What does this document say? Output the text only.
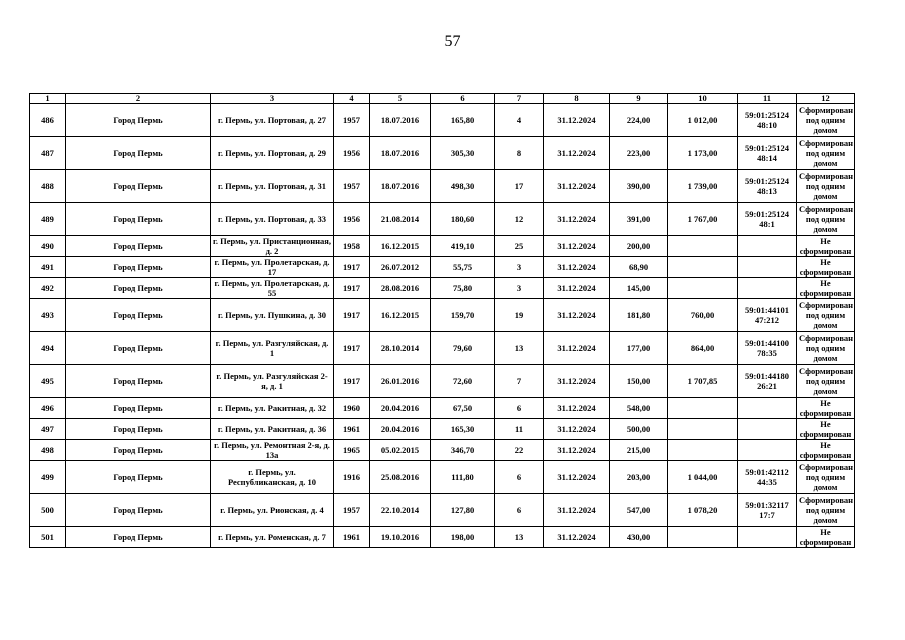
57
1	2	3	4	5	6	7	8	9	10	11	12
486	Город Пермь	г. Пермь, ул. Портовая, д. 27	1957	18.07.2016	165,80	4	31.12.2024	224,00	1 012,00	59:01:25124 48:10	Сформирован под одним домом
487	Город Пермь	г. Пермь, ул. Портовая, д. 29	1956	18.07.2016	305,30	8	31.12.2024	223,00	1 173,00	59:01:25124 48:14	Сформирован под одним домом
488	Город Пермь	г. Пермь, ул. Портовая, д. 31	1957	18.07.2016	498,30	17	31.12.2024	390,00	1 739,00	59:01:25124 48:13	Сформирован под одним домом
489	Город Пермь	г. Пермь, ул. Портовая, д. 33	1956	21.08.2014	180,60	12	31.12.2024	391,00	1 767,00	59:01:25124 48:1	Сформирован под одним домом
490	Город Пермь	г. Пермь, ул. Пристанционная, д. 2	1958	16.12.2015	419,10	25	31.12.2024	200,00			Не сформирован
491	Город Пермь	г. Пермь, ул. Пролетарская, д. 17	1917	26.07.2012	55,75	3	31.12.2024	68,90			Не сформирован
492	Город Пермь	г. Пермь, ул. Пролетарская, д. 55	1917	28.08.2016	75,80	3	31.12.2024	145,00			Не сформирован
493	Город Пермь	г. Пермь, ул. Пушкина, д. 30	1917	16.12.2015	159,70	19	31.12.2024	181,80	760,00	59:01:44101 47:212	Сформирован под одним домом
494	Город Пермь	г. Пермь, ул. Разгуляйская, д. 1	1917	28.10.2014	79,60	13	31.12.2024	177,00	864,00	59:01:44100 78:35	Сформирован под одним домом
495	Город Пермь	г. Пермь, ул. Разгуляйская 2-я, д. 1	1917	26.01.2016	72,60	7	31.12.2024	150,00	1 707,85	59:01:44180 26:21	Сформирован под одним домом
496	Город Пермь	г. Пермь, ул. Ракитная, д. 32	1960	20.04.2016	67,50	6	31.12.2024	548,00			Не сформирован
497	Город Пермь	г. Пермь, ул. Ракитная, д. 36	1961	20.04.2016	165,30	11	31.12.2024	500,00			Не сформирован
498	Город Пермь	г. Пермь, ул. Ремонтная 2-я, д. 13а	1965	05.02.2015	346,70	22	31.12.2024	215,00			Не сформирован
499	Город Пермь	г. Пермь, ул. Республиканская, д. 10	1916	25.08.2016	111,80	6	31.12.2024	203,00	1 044,00	59:01:42112 44:35	Сформирован под одним домом
500	Город Пермь	г. Пермь, ул. Рионская, д. 4	1957	22.10.2014	127,80	6	31.12.2024	547,00	1 078,20	59:01:32117 17:7	Сформирован под одним домом
501	Город Пермь	г. Пермь, ул. Роменская, д. 7	1961	19.10.2016	198,00	13	31.12.2024	430,00			Не сформирован
